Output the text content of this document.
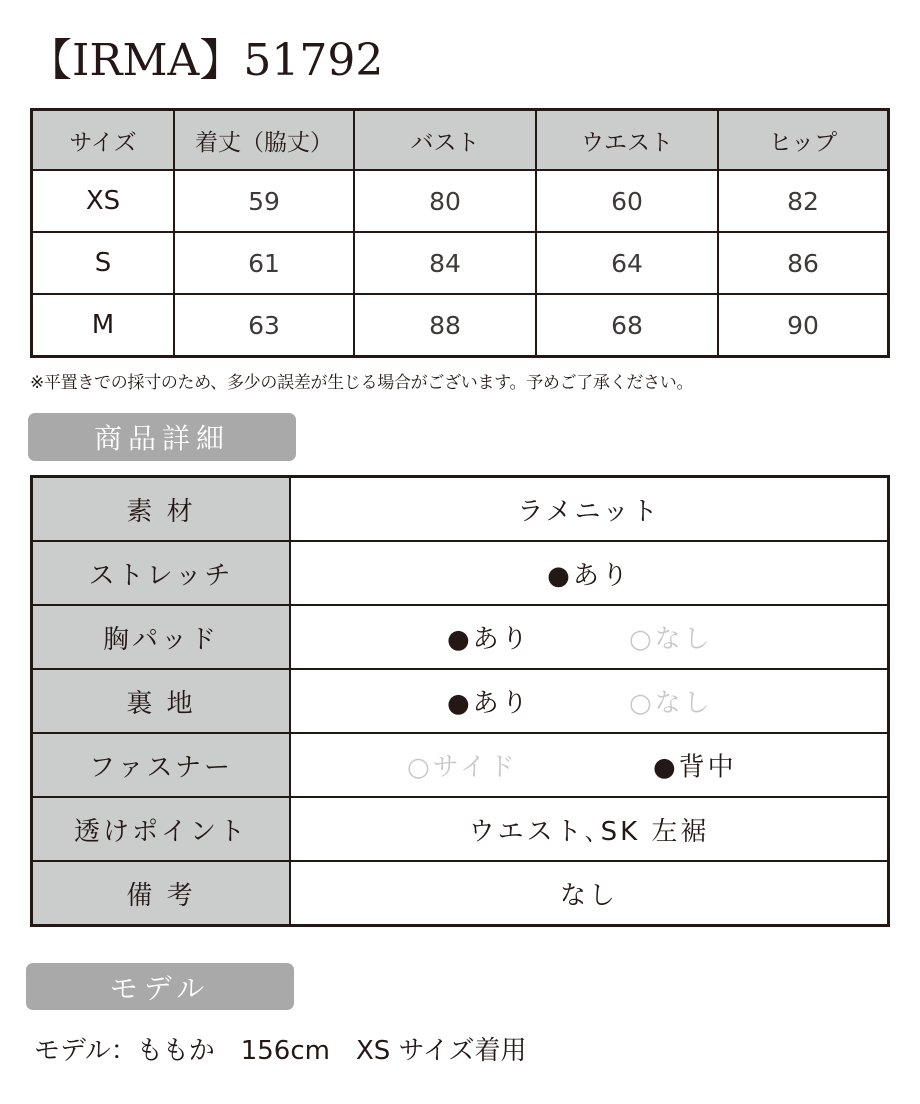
【IRMA】51792
サイズ	着丈（脇丈）	バスト	ウエスト	ヒップ
XS	59	80	60	82
S	61	84	64	86
M	63	88	68	90
※平置きでの採寸のため、多少の誤差が生じる場合がございます。予めご了承ください。
商品詳細
素 材	ラメニット
ストレッチ	●あり
胸パッド	●あり ○なし

裏 地	●あり ○なし

ファスナー	○サイド ●背中

透けポイント	ウエスト､SK 左裾
備 考	なし
モデル
モデル：ももか　156cm　XS サイズ着用
